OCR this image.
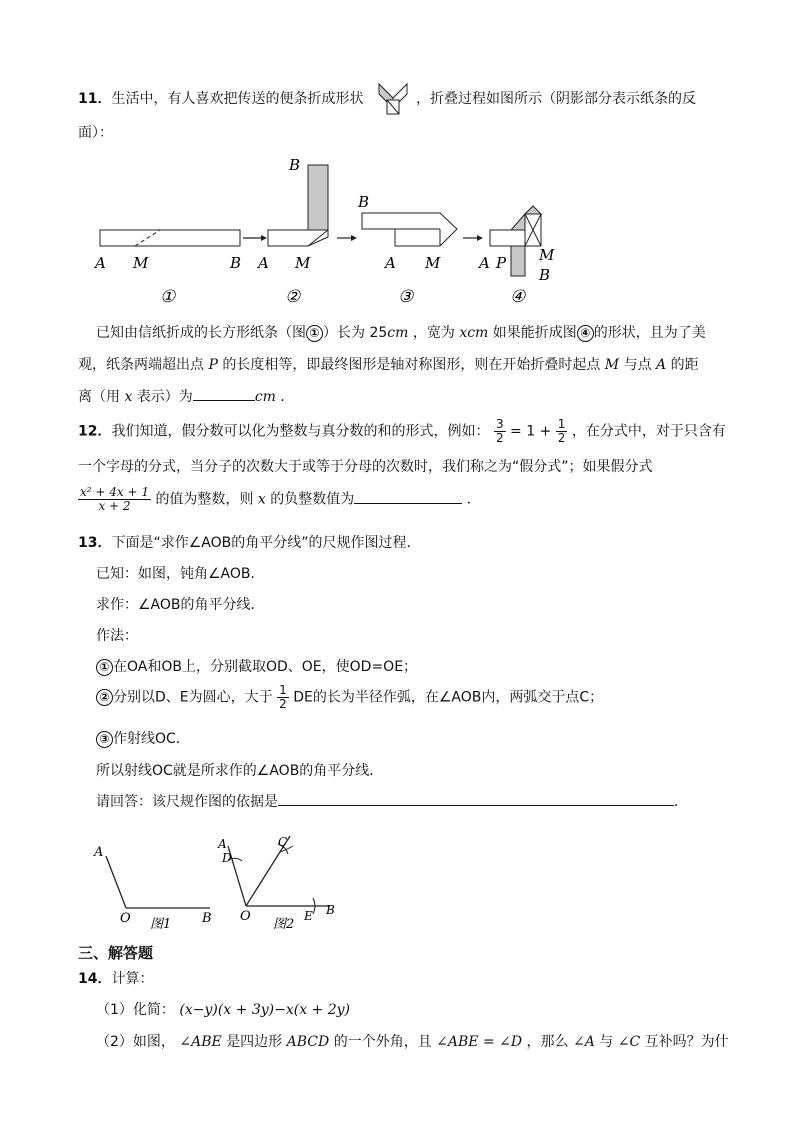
11．生活中，有人喜欢把传送的便条折成形状	，折叠过程如图所示（阴影部分表示纸条的反
面）：
A M	B
B
A M
B
A M	A P M
B
①	②	③	④
已知由信纸折成的长方形纸条（图 ① ）长为 25cm ，宽为 xcm 如果能折成图 ④ 的形状，且为了美
观，纸条两端超出点 P 的长度相等，即最终图形是轴对称图形，则在开始折叠时起点 M 与点 A 的距
离（用 x 表示）为	cm ．
12．我们知道，假分数可以化为整数与真分数的和的形式，例如： $\frac{3}{2} = 1 + \frac{1}{2}$ ，在分式中，对于只含有
一个字母的分式，当分子的次数大于或等于分母的次数时，我们称之为“假分式”；如果假分式
$\frac{\text{x² + 4x + 1}}{x + 2}$ 的值为整数，则 x 的负整数值为	．
13．下面是“求作∠AOB的角平分线”的尺规作图过程．
已知：如图，钝角∠AOB．
求作：∠AOB的角平分线．
作法：
① 在OA和OB上，分别截取OD、OE，使OD=OE；
② 分别以D、E为圆心，大于 $\frac{1}{2}$ DE的长为半径作弧，在∠AOB内，两弧交于点C；
③ 作射线OC．
所以射线OC就是所求作的∠AOB的角平分线．
请回答：该尺规作图的依据是	．
A
O	B
图1
A
D
C
O	E B
图2
三、解答题
14．计算：
（1）化简： (x−y)(x + 3y)−x(x + 2y)
（2）如图， ∠ABE 是四边形 ABCD 的一个外角，且 ∠ABE = ∠D ，那么 ∠A 与 ∠C 互补吗？为什
